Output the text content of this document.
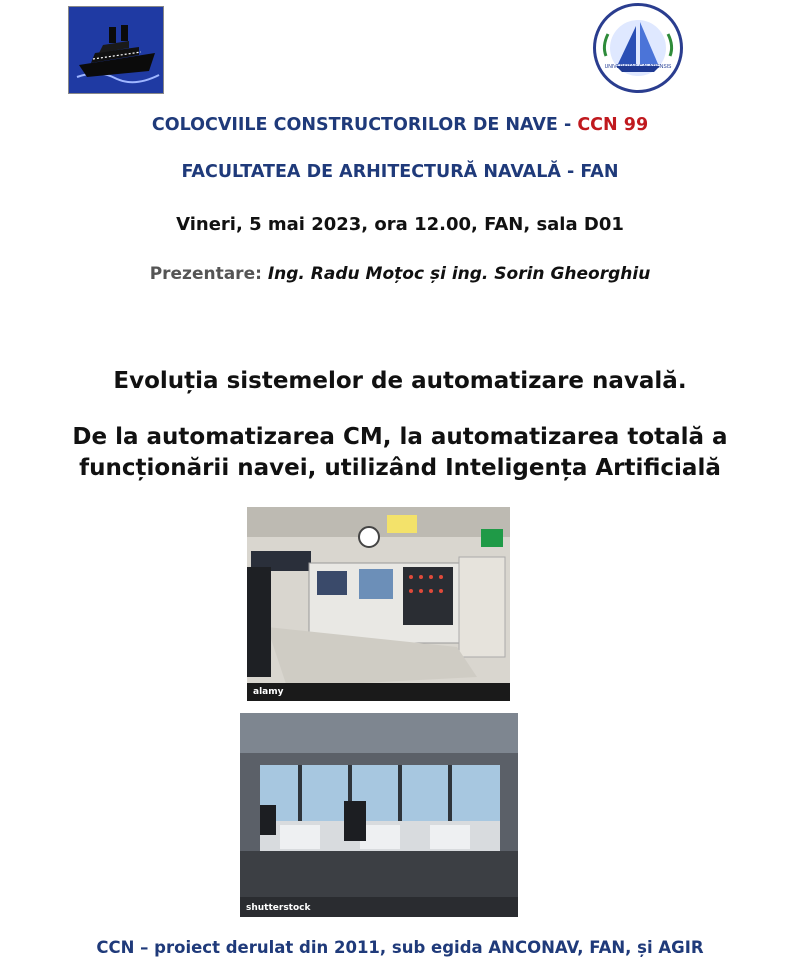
UNIVERSITAS GALATIENSIS
COLOCVIILE CONSTRUCTORILOR DE NAVE - CCN 99
FACULTATEA DE ARHITECTURĂ NAVALĂ - FAN
Vineri, 5 mai 2023, ora 12.00, FAN, sala D01
Prezentare: Ing. Radu Moțoc și ing. Sorin Gheorghiu
Evoluția sistemelor de automatizare navală.
De la automatizarea CM, la automatizarea totală a
funcționării navei, utilizând Inteligența Artificială
alamy
shutterstock
CCN – proiect derulat din 2011, sub egida ANCONAV, FAN, și AGIR
